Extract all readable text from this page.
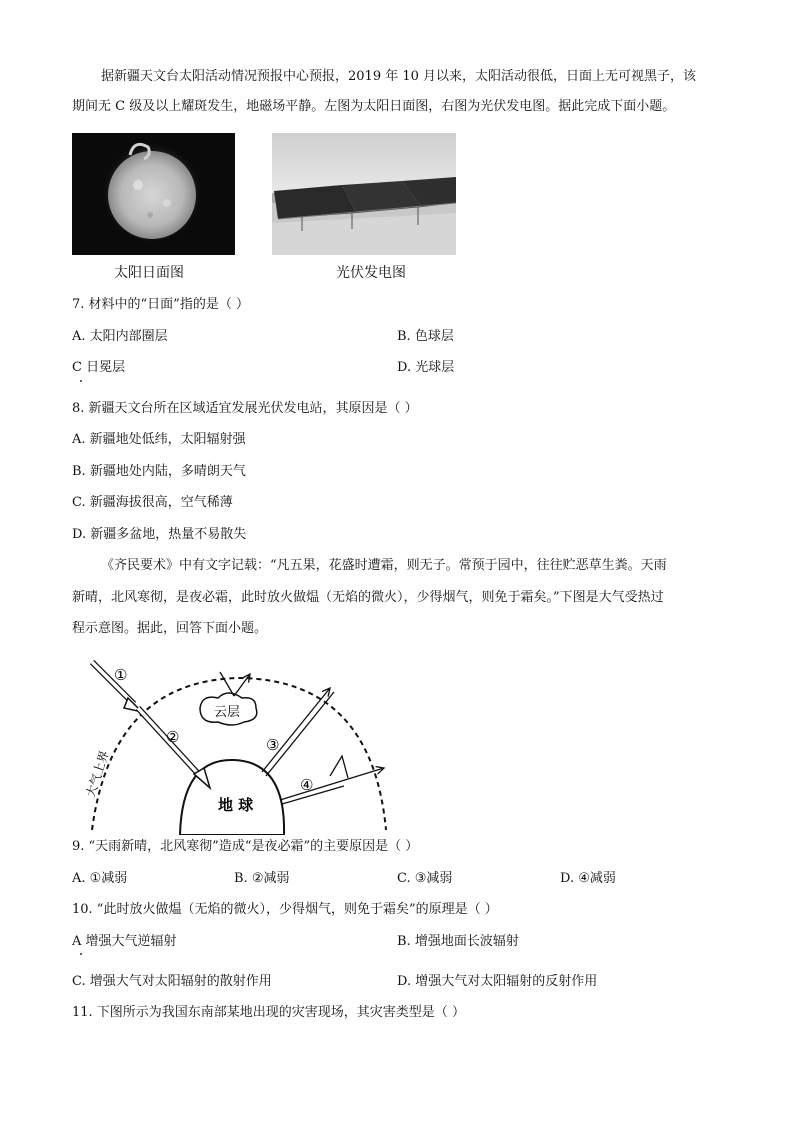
据新疆天文台太阳活动情况预报中心预报，2019 年 10 月以来，太阳活动很低，日面上无可视黑子，该
期间无 C 级及以上耀斑发生，地磁场平静。左图为太阳日面图，右图为光伏发电图。据此完成下面小题。
太阳日面图	光伏发电图
7. 材料中的“日面”指的是（ ）
A. 太阳内部圈层	B. 色球层
C 日冕层	D. 光球层
8. 新疆天文台所在区域适宜发展光伏发电站，其原因是（ ）
A. 新疆地处低纬，太阳辐射强
B. 新疆地处内陆，多晴朗天气
C. 新疆海拔很高，空气稀薄
D. 新疆多盆地，热量不易散失
《齐民要术》中有文字记载：“凡五果，花盛时遭霜，则无子。常预于园中，往往贮恶草生粪。天雨
新晴，北风寒彻，是夜必霜，此时放火做煴（无焰的微火），少得烟气，则免于霜矣。”下图是大气受热过
程示意图。据此，回答下面小题。
①
②	③
④
云层
地 球
大气上界
9. “天雨新晴，北风寒彻”造成“是夜必霜”的主要原因是（ ）
A. ①减弱	B. ②减弱	C. ③减弱	D. ④减弱
10. “此时放火做煴（无焰的微火），少得烟气，则免于霜矣”的原理是（ ）
A 增强大气逆辐射	B. 增强地面长波辐射
C. 增强大气对太阳辐射的散射作用	D. 增强大气对太阳辐射的反射作用
11. 下图所示为我国东南部某地出现的灾害现场，其灾害类型是（ ）
